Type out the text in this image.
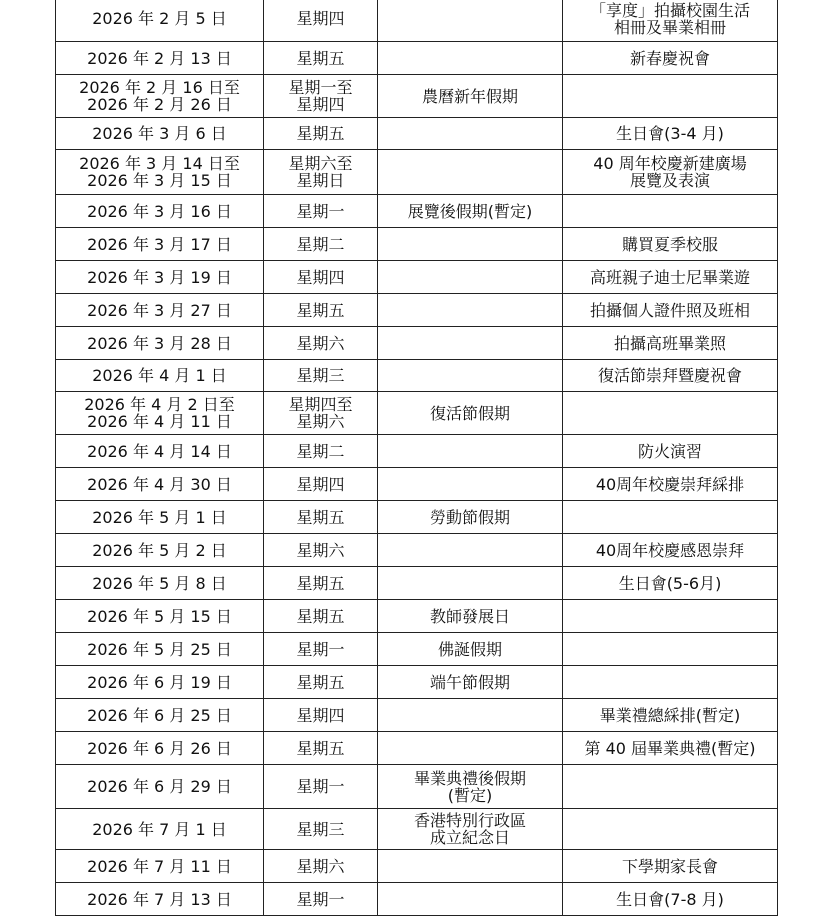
2026 年 2 月 5 日	星期四		「享度」拍攝校園生活
相冊及畢業相冊
2026 年 2 月 13 日	星期五		新春慶祝會
2026 年 2 月 16 日至
2026 年 2 月 26 日	星期一至
星期四	農曆新年假期	
2026 年 3 月 6 日	星期五		生日會(3-4 月)
2026 年 3 月 14 日至
2026 年 3 月 15 日	星期六至
星期日		40 周年校慶新建廣場
展覽及表演
2026 年 3 月 16 日	星期一	展覽後假期(暫定)	
2026 年 3 月 17 日	星期二		購買夏季校服
2026 年 3 月 19 日	星期四		高班親子迪士尼畢業遊
2026 年 3 月 27 日	星期五		拍攝個人證件照及班相
2026 年 3 月 28 日	星期六		拍攝高班畢業照
2026 年 4 月 1 日	星期三		復活節崇拜暨慶祝會
2026 年 4 月 2 日至
2026 年 4 月 11 日	星期四至
星期六	復活節假期	
2026 年 4 月 14 日	星期二		防火演習
2026 年 4 月 30 日	星期四		40周年校慶崇拜綵排
2026 年 5 月 1 日	星期五	勞動節假期	
2026 年 5 月 2 日	星期六		40周年校慶感恩崇拜
2026 年 5 月 8 日	星期五		生日會(5-6月)
2026 年 5 月 15 日	星期五	教師發展日	
2026 年 5 月 25 日	星期一	佛誕假期	
2026 年 6 月 19 日	星期五	端午節假期	
2026 年 6 月 25 日	星期四		畢業禮總綵排(暫定)
2026 年 6 月 26 日	星期五		第 40 屆畢業典禮(暫定)
2026 年 6 月 29 日	星期一	畢業典禮後假期
(暫定)	
2026 年 7 月 1 日	星期三	香港特別行政區
成立紀念日	
2026 年 7 月 11 日	星期六		下學期家長會
2026 年 7 月 13 日	星期一		生日會(7-8 月)
